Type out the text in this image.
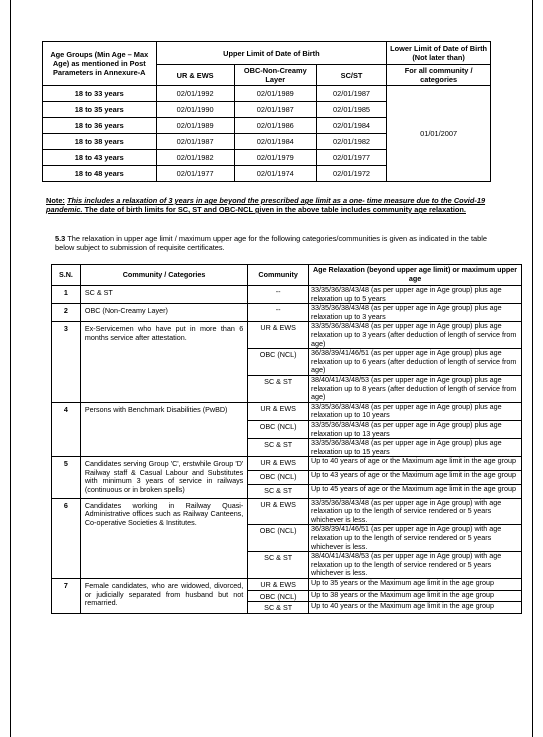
Age Groups (Min Age – Max Age) as mentioned in Post Parameters in Annexure-A	Upper Limit of Date of Birth			Lower Limit of Date of Birth (Not later than)
	UR & EWS	OBC-Non-Creamy Layer	SC/ST	For all community / categories
18 to 33 years	02/01/1992	02/01/1989	02/01/1987	01/01/2007
18 to 35 years	02/01/1990	02/01/1987	02/01/1985	
18 to 36 years	02/01/1989	02/01/1986	02/01/1984	
18 to 38 years	02/01/1987	02/01/1984	02/01/1982	
18 to 43 years	02/01/1982	02/01/1979	02/01/1977	
18 to 48 years	02/01/1977	02/01/1974	02/01/1972	
Note: This includes a relaxation of 3 years in age beyond the prescribed age limit as a one- time measure due to the Covid-19 pandemic. The date of birth limits for SC, ST and OBC-NCL given in the above table includes community age relaxation.
5.3 The relaxation in upper age limit / maximum upper age for the following categories/communities is given as indicated in the table below subject to submission of requisite certificates.
S.N.	Community / Categories	Community	Age Relaxation (beyond upper age limit) or maximum upper age
1	SC & ST	--	33/35/36/38/43/48 (as per upper age in Age group) plus age relaxation up to 5 years
2	OBC (Non-Creamy Layer)	--	33/35/36/38/43/48 (as per upper age in Age group) plus age relaxation up to 3 years
3	Ex-Servicemen who have put in more than 6 months service after attestation.	UR & EWS	33/35/36/38/43/48 (as per upper age in Age group) plus age relaxation up to 3 years (after deduction of length of service from age)
		OBC (NCL)	36/38/39/41/46/51 (as per upper age in Age group) plus age relaxation up to 6 years (after deduction of length of service from age)
		SC & ST	38/40/41/43/48/53 (as per upper age in Age group) plus age relaxation up to 8 years (after deduction of length of service from age)
4	Persons with Benchmark Disabilities (PwBD)	UR & EWS	33/35/36/38/43/48 (as per upper age in Age group) plus age relaxation up to 10 years
		OBC (NCL)	33/35/36/38/43/48 (as per upper age in Age group) plus age relaxation up to 13 years
		SC & ST	33/35/36/38/43/48 (as per upper age in Age group) plus age relaxation up to 15 years
5	Candidates serving Group 'C', erstwhile Group 'D' Railway staff & Casual Labour and Substitutes with minimum 3 years of service in railways (continuous or in broken spells)	UR & EWS	Up to 40 years of age or the Maximum age limit in the age group
		OBC (NCL)	Up to 43 years of age or the Maximum age limit in the age group
		SC & ST	Up to 45 years of age or the Maximum age limit in the age group
6	Candidates working in Railway Quasi-Administrative offices such as Railway Canteens, Co-operative Societies & Institutes.	UR & EWS	33/35/36/38/43/48 (as per upper age in Age group) with age relaxation up to the length of service rendered or 5 years whichever is less.
		OBC (NCL)	36/38/39/41/46/51 (as per upper age in Age group) with age relaxation up to the length of service rendered or 5 years whichever is less.
		SC & ST	38/40/41/43/48/53 (as per upper age in Age group) with age relaxation up to the length of service rendered or 5 years whichever is less.
7	Female candidates, who are widowed, divorced, or judicially separated from husband but not remarried.	UR & EWS	Up to 35 years or the Maximum age limit in the age group
		OBC (NCL)	Up to 38 years or the Maximum age limit in the age group
		SC & ST	Up to 40 years or the Maximum age limit in the age group
